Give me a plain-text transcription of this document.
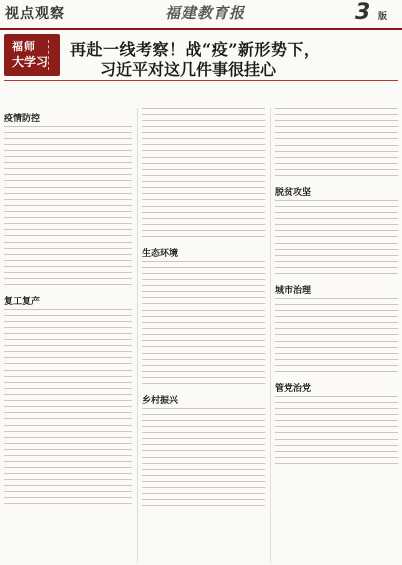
视点观察	福建教育报	3 版
福师
大学习
再赴一线考察！战“疫”新形势下，
习近平对这几件事很挂心
疫情防控
复工复产
生态环境
乡村振兴
脱贫攻坚
城市治理
管党治党
